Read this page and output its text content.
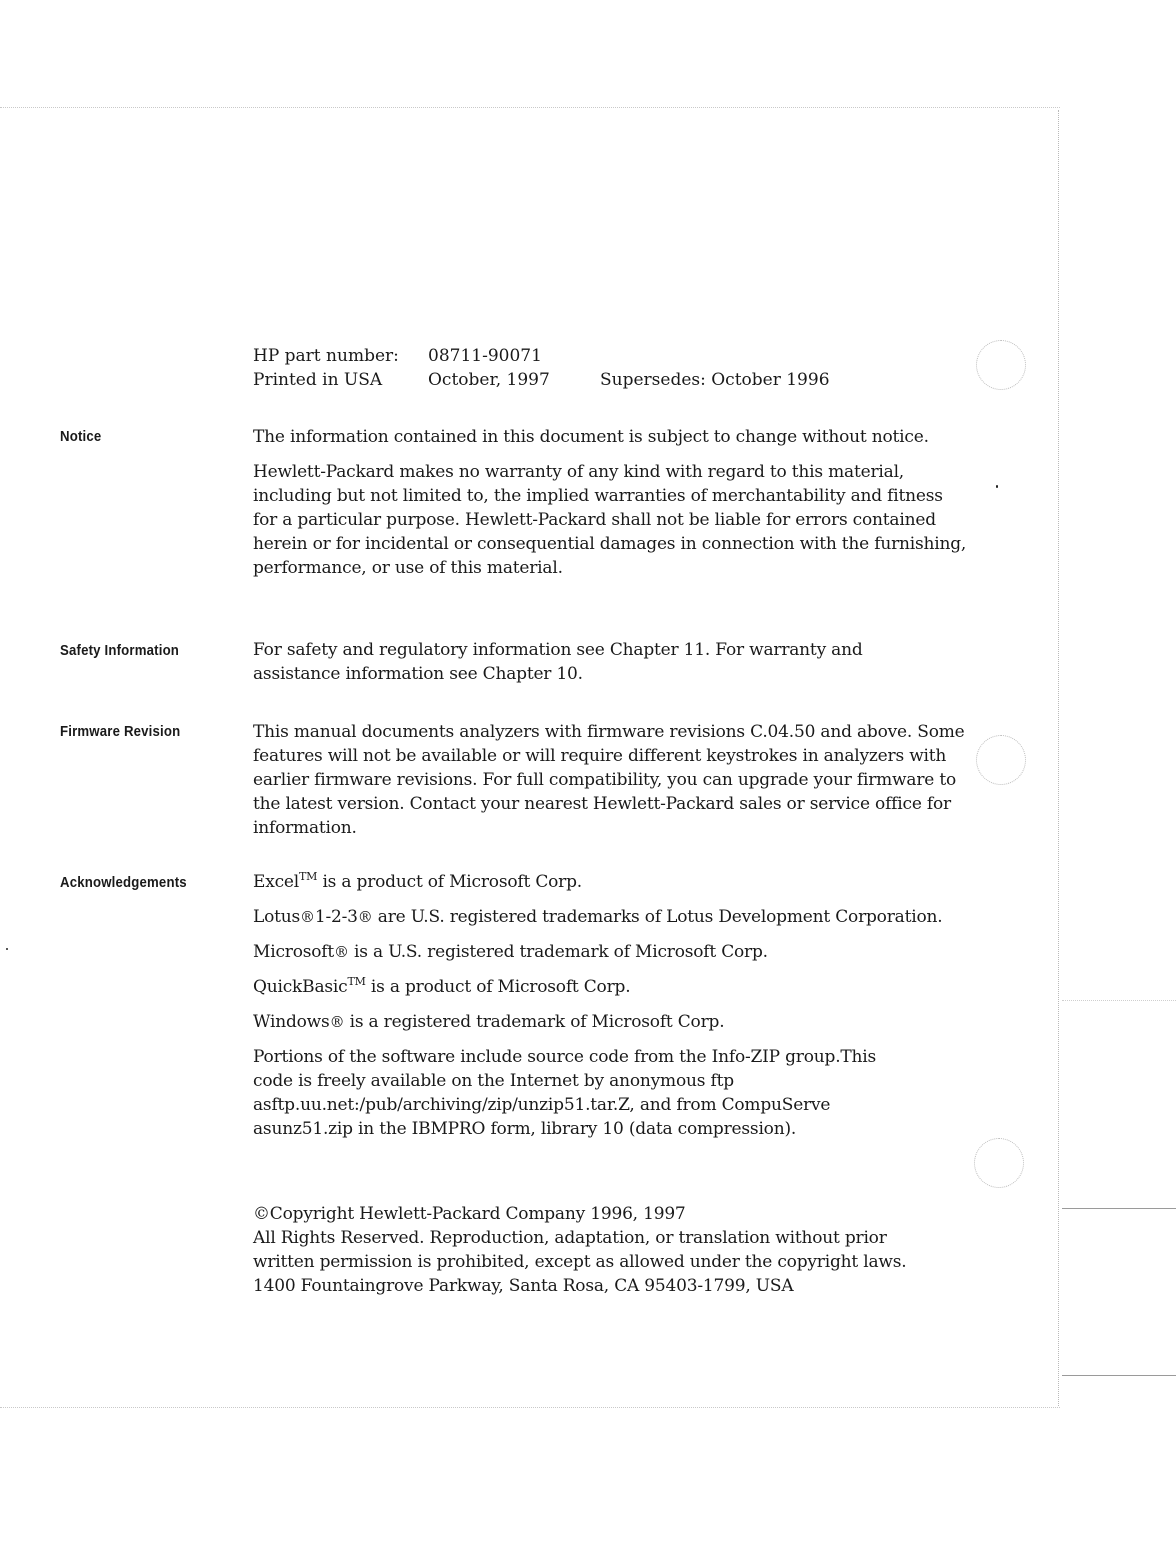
HP part number: 08711-90071
Printed in USA	October, 1997	Supersedes: October 1996
Notice	The information contained in this document is subject to change without notice.

Hewlett-Packard makes no warranty of any kind with regard to this material, including but not limited to, the implied warranties of merchantability and fitness for a particular purpose. Hewlett-Packard shall not be liable for errors contained herein or for incidental or consequential damages in connection with the furnishing, performance, or use of this material.

Safety Information	For safety and regulatory information see Chapter 11. For warranty and assistance information see Chapter 10.

Firmware Revision	This manual documents analyzers with firmware revisions C.04.50 and above. Some features will not be available or will require different keystrokes in analyzers with earlier firmware revisions. For full compatibility, you can upgrade your firmware to the latest version. Contact your nearest Hewlett-Packard sales or service office for information.

Acknowledgements	Excel™ is a product of Microsoft Corp.

Lotus®1-2-3® are U.S. registered trademarks of Lotus Development Corporation.

Microsoft® is a U.S. registered trademark of Microsoft Corp.

QuickBasic™ is a product of Microsoft Corp.

Windows® is a registered trademark of Microsoft Corp.

Portions of the software include source code from the Info-ZIP group.This code is freely available on the Internet by anonymous ftp asftp.uu.net:/pub/archiving/zip/unzip51.tar.Z, and from CompuServe asunz51.zip in the IBMPRO form, library 10 (data compression).

©Copyright Hewlett-Packard Company 1996, 1997
All Rights Reserved. Reproduction, adaptation, or translation without prior
written permission is prohibited, except as allowed under the copyright laws.
1400 Fountaingrove Parkway, Santa Rosa, CA 95403-1799, USA
